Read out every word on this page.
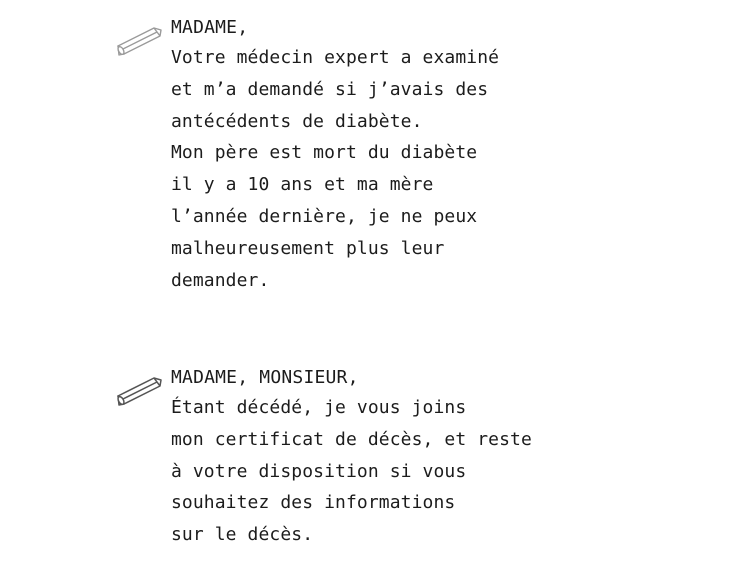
MADAME,
Votre médecin expert a examiné
et m’a demandé si j’avais des
antécédents de diabète.
Mon père est mort du diabète
il y a 10 ans et ma mère
l’année dernière, je ne peux
malheureusement plus leur
demander.
MADAME, MONSIEUR,
Étant décédé, je vous joins
mon certificat de décès, et reste
à votre disposition si vous
souhaitez des informations
sur le décès.
